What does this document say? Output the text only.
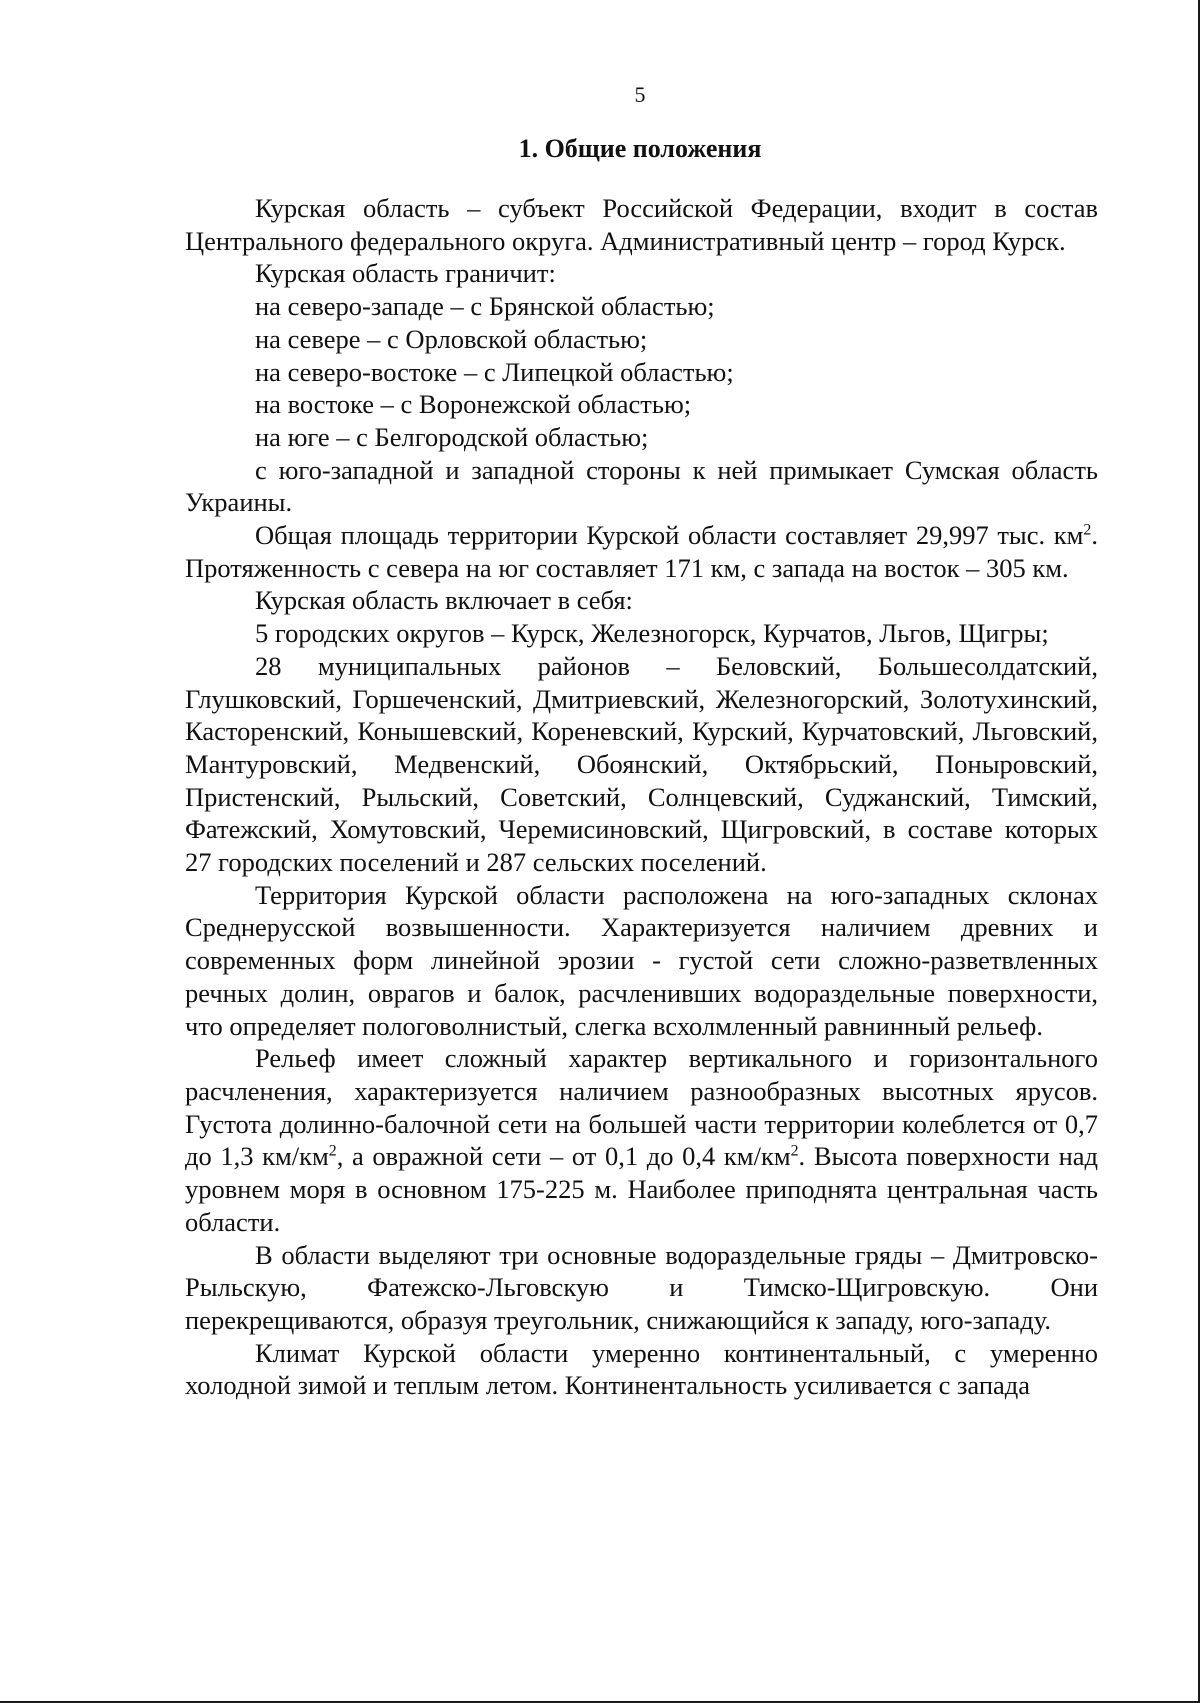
5
1. Общие положения

Курская область – субъект Российской Федерации, входит в состав Центрального федерального округа. Административный центр – город Курск.

Курская область граничит:

на северо-западе – с Брянской областью;

на севере – с Орловской областью;

на северо-востоке – с Липецкой областью;

на востоке – с Воронежской областью;

на юге – с Белгородской областью;

с юго-западной и западной стороны к ней примыкает Сумская область Украины.

Общая площадь территории Курской области составляет 29,997 тыс. $км^2$. Протяженность с севера на юг составляет 171 км, с запада на восток – 305 км.

Курская область включает в себя:

5 городских округов – Курск, Железногорск, Курчатов, Льгов, Щигры;

28 муниципальных районов – Беловский, Большесолдатский, Глушковский, Горшеченский, Дмитриевский, Железногорский, Золотухинский, Касторенский, Конышевский, Кореневский, Курский, Курчатовский, Льговский, Мантуровский, Медвенский, Обоянский, Октябрьский, Поныровский, Пристенский, Рыльский, Советский, Солнцевский, Суджанский, Тимский, Фатежский, Хомутовский, Черемисиновский, Щигровский, в составе которых 27 городских поселений и 287 сельских поселений.

Территория Курской области расположена на юго-западных склонах Среднерусской возвышенности. Характеризуется наличием древних и современных форм линейной эрозии - густой сети сложно-разветвленных речных долин, оврагов и балок, расчленивших водораздельные поверхности, что определяет пологоволнистый, слегка всхолмленный равнинный рельеф.

Рельеф имеет сложный характер вертикального и горизонтального расчленения, характеризуется наличием разнообразных высотных ярусов. Густота долинно-балочной сети на большей части территории колеблется от 0,7 до 1,3 $км/км^2$, а овражной сети – от 0,1 до 0,4 $км/км^2$. Высота поверхности над уровнем моря в основном 175-225 м. Наиболее приподнята центральная часть области.

В области выделяют три основные водораздельные гряды – Дмитровско-Рыльскую, Фатежско-Льговскую и Тимско-Щигровскую. Они перекрещиваются, образуя треугольник, снижающийся к западу, юго-западу.

Климат Курской области умеренно континентальный, с умеренно холодной зимой и теплым летом. Континентальность усиливается с запада
